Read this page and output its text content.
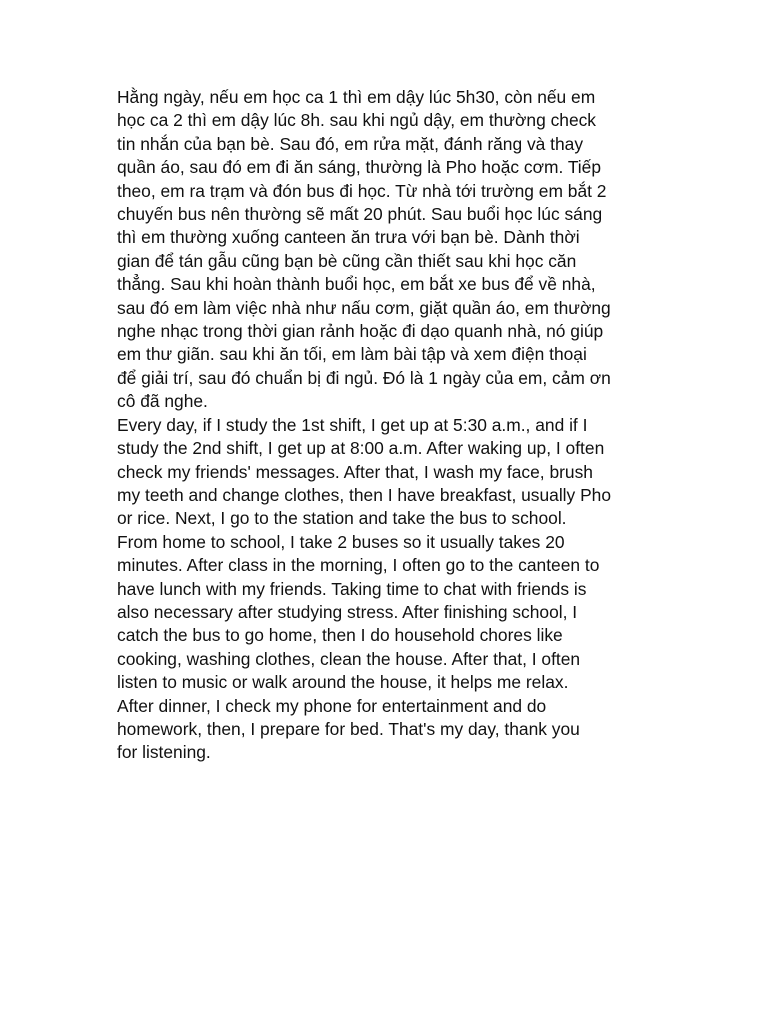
Hằng ngày, nếu em học ca 1 thì em dậy lúc 5h30, còn nếu em
học ca 2 thì em dậy lúc 8h. sau khi ngủ dậy, em thường check
tin nhắn của bạn bè. Sau đó, em rửa mặt, đánh răng và thay
quần áo, sau đó em đi ăn sáng, thường là Pho hoặc cơm. Tiếp
theo, em ra trạm và đón bus đi học. Từ nhà tới trường em bắt 2
chuyến bus nên thường sẽ mất 20 phút. Sau buổi học lúc sáng
thì em thường xuống canteen ăn trưa với bạn bè. Dành thời
gian để tán gẫu cũng bạn bè cũng cần thiết sau khi học căn
thẳng. Sau khi hoàn thành buổi học, em bắt xe bus để về nhà,
sau đó em làm việc nhà như nấu cơm, giặt quần áo, em thường
nghe nhạc trong thời gian rảnh hoặc đi dạo quanh nhà, nó giúp
em thư giãn. sau khi ăn tối, em làm bài tập và xem điện thoại
để giải trí, sau đó chuẩn bị đi ngủ. Đó là 1 ngày của em, cảm ơn
cô đã nghe.
Every day, if I study the 1st shift, I get up at 5:30 a.m., and if I
study the 2nd shift, I get up at 8:00 a.m. After waking up, I often
check my friends' messages. After that, I wash my face, brush
my teeth and change clothes, then I have breakfast, usually Pho
or rice. Next, I go to the station and take the bus to school.
From home to school, I take 2 buses so it usually takes 20
minutes. After class in the morning, I often go to the canteen to
have lunch with my friends. Taking time to chat with friends is
also necessary after studying stress. After finishing school, I
catch the bus to go home, then I do household chores like
cooking, washing clothes, clean the house. After that, I often
listen to music or walk around the house, it helps me relax.
After dinner, I check my phone for entertainment and do
homework, then, I prepare for bed. That's my day, thank you
for listening.
